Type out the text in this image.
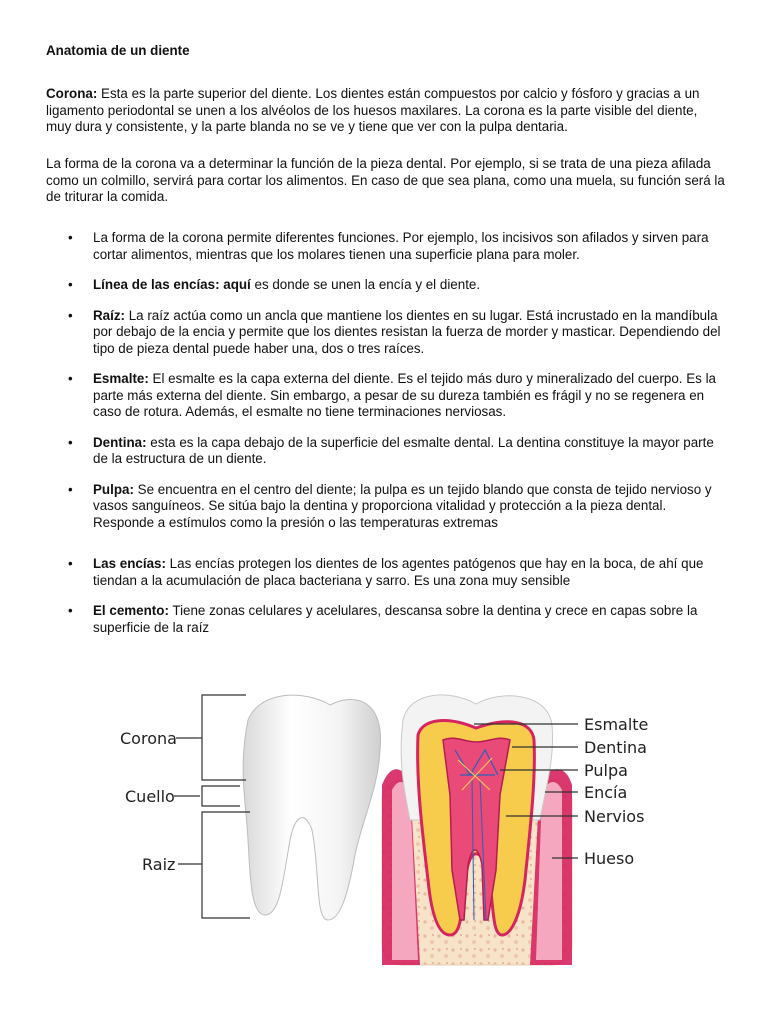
Anatomia de un diente

Corona: Esta es la parte superior del diente. Los dientes están compuestos por calcio y fósforo y gracias a un ligamento periodontal se unen a los alvéolos de los huesos maxilares. La corona es la parte visible del diente, muy dura y consistente, y la parte blanda no se ve y tiene que ver con la pulpa dentaria.

La forma de la corona va a determinar la función de la pieza dental. Por ejemplo, si se trata de una pieza afilada como un colmillo, servirá para cortar los alimentos. En caso de que sea plana, como una muela, su función será la de triturar la comida.

• La forma de la corona permite diferentes funciones. Por ejemplo, los incisivos son afilados y sirven para cortar alimentos, mientras que los molares tienen una superficie plana para moler.
• Línea de las encías: aquí es donde se unen la encía y el diente.
• Raíz: La raíz actúa como un ancla que mantiene los dientes en su lugar. Está incrustado en la mandíbula por debajo de la encia y permite que los dientes resistan la fuerza de morder y masticar. Dependiendo del tipo de pieza dental puede haber una, dos o tres raíces.
• Esmalte: El esmalte es la capa externa del diente. Es el tejido más duro y mineralizado del cuerpo. Es la parte más externa del diente. Sin embargo, a pesar de su dureza también es frágil y no se regenera en caso de rotura. Además, el esmalte no tiene terminaciones nerviosas.
• Dentina: esta es la capa debajo de la superficie del esmalte dental. La dentina constituye la mayor parte de la estructura de un diente.
• Pulpa: Se encuentra en el centro del diente; la pulpa es un tejido blando que consta de tejido nervioso y vasos sanguíneos. Se sitúa bajo la dentina y proporciona vitalidad y protección a la pieza dental. Responde a estímulos como la presión o las temperaturas extremas
• Las encías: Las encías protegen los dientes de los agentes patógenos que hay en la boca, de ahí que tiendan a la acumulación de placa bacteriana y sarro. Es una zona muy sensible
• El cemento: Tiene zonas celulares y acelulares, descansa sobre la dentina y crece en capas sobre la superficie de la raíz
Corona
Cuello
Raiz
Esmalte
Dentina
Pulpa
Encía
Nervios
Hueso
